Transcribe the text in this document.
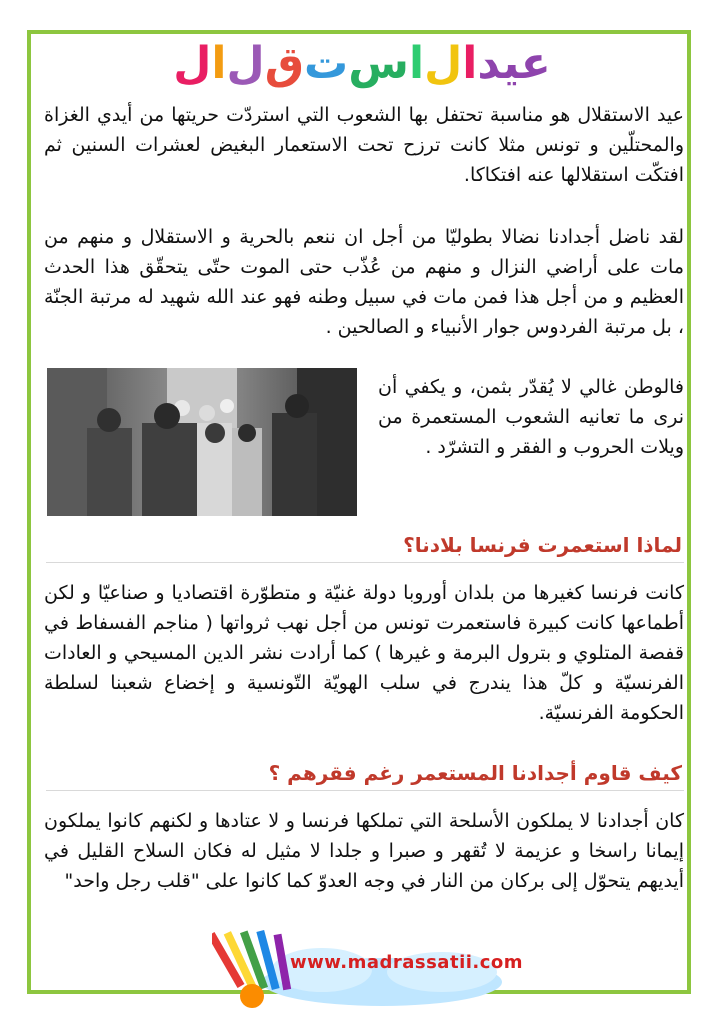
عيدالاستقلال
عيد الاستقلال هو مناسبة تحتفل بها الشعوب التي استردّت حريتها من أيدي الغزاة والمحتلّين و تونس مثلا كانت ترزح تحت الاستعمار البغيض لعشرات السنين ثم افتكّت استقلالها عنه افتكاكا.
لقد ناضل أجدادنا نضالا بطوليّا من أجل ان ننعم بالحرية و الاستقلال و منهم من مات على أراضي النزال و منهم من عُذّب حتى الموت حتّى يتحقّق هذا الحدث العظيم و من أجل هذا فمن مات في سبيل وطنه فهو عند الله شهيد له مرتبة الجنّة ، بل مرتبة الفردوس جوار الأنبياء و الصالحين .
فالوطن غالي لا يُقدّر بثمن، و يكفي أن نرى ما تعانيه الشعوب المستعمرة من ويلات الحروب و الفقر و التشرّد .
لماذا استعمرت فرنسا بلادنا؟
كانت فرنسا كغيرها من بلدان أوروبا دولة غنيّة و متطوّرة اقتصاديا و صناعيّا و لكن أطماعها كانت كبيرة فاستعمرت تونس من أجل نهب ثرواتها ( مناجم الفسفاط في قفصة المتلوي و بترول البرمة و غيرها ) كما أرادت نشر الدين المسيحي و العادات الفرنسيّة و كلّ هذا يندرج في سلب الهويّة التّونسية و إخضاع شعبنا لسلطة الحكومة الفرنسيّة.
كيف قاوم أجدادنا المستعمر رغم فقرهم ؟
كان أجدادنا لا يملكون الأسلحة التي تملكها فرنسا و لا عتادها و لكنهم كانوا يملكون إيمانا راسخا و عزيمة لا تُقهر و صبرا و جلدا لا مثيل له فكان السلاح القليل في أيديهم يتحوّل إلى بركان من النار في وجه العدوّ كما كانوا على "قلب رجل واحد"
www.madrassatii.com
